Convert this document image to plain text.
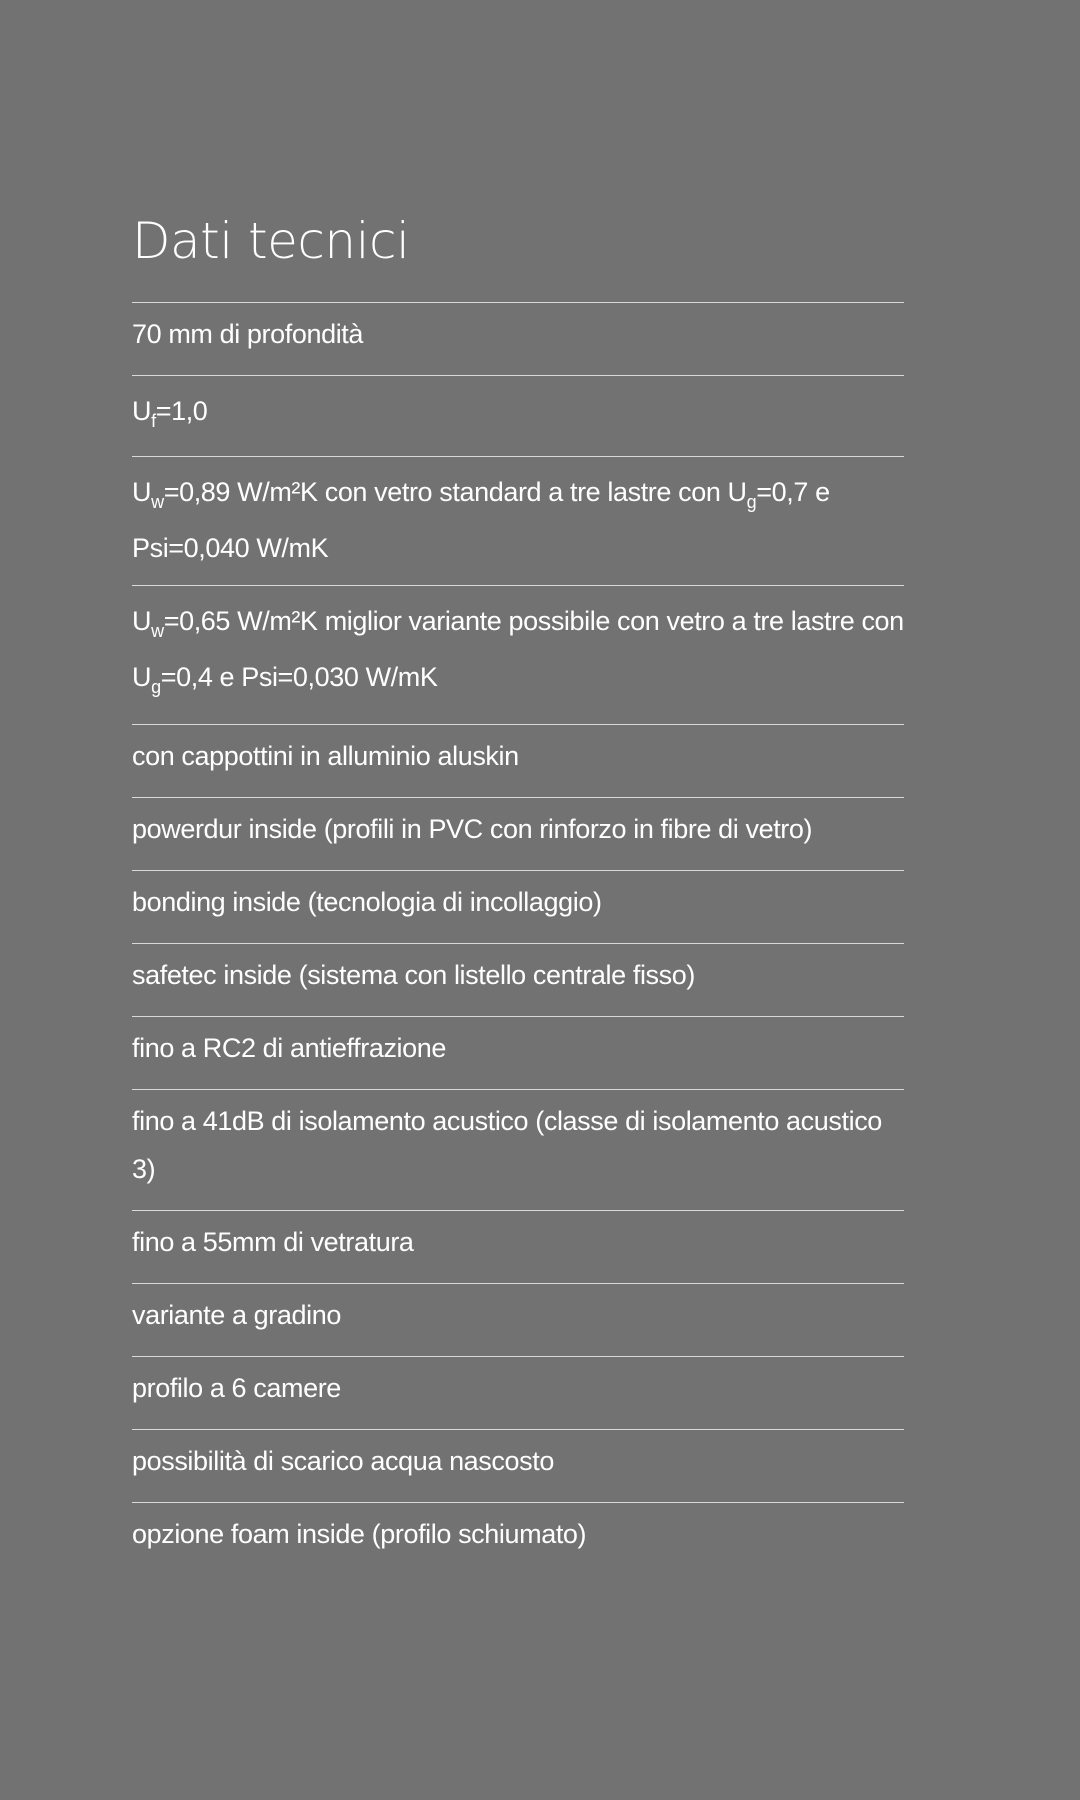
Dati tecnici
70 mm di profondità
$U_f=1,0$
$U_w=0,89$ W/m²K con vetro standard a tre lastre con $U_g=0,7$ e Psi=0,040 W/mK
$U_w=0,65$ W/m²K miglior variante possibile con vetro a tre lastre con $U_g=0,4$ e Psi=0,030 W/mK
con cappottini in alluminio aluskin
powerdur inside (profili in PVC con rinforzo in fibre di vetro)
bonding inside (tecnologia di incollaggio)
safetec inside (sistema con listello centrale fisso)
fino a RC2 di antieffrazione
fino a 41dB di isolamento acustico (classe di isolamento acustico 3)
fino a 55mm di vetratura
variante a gradino
profilo a 6 camere
possibilità di scarico acqua nascosto
opzione foam inside (profilo schiumato)
